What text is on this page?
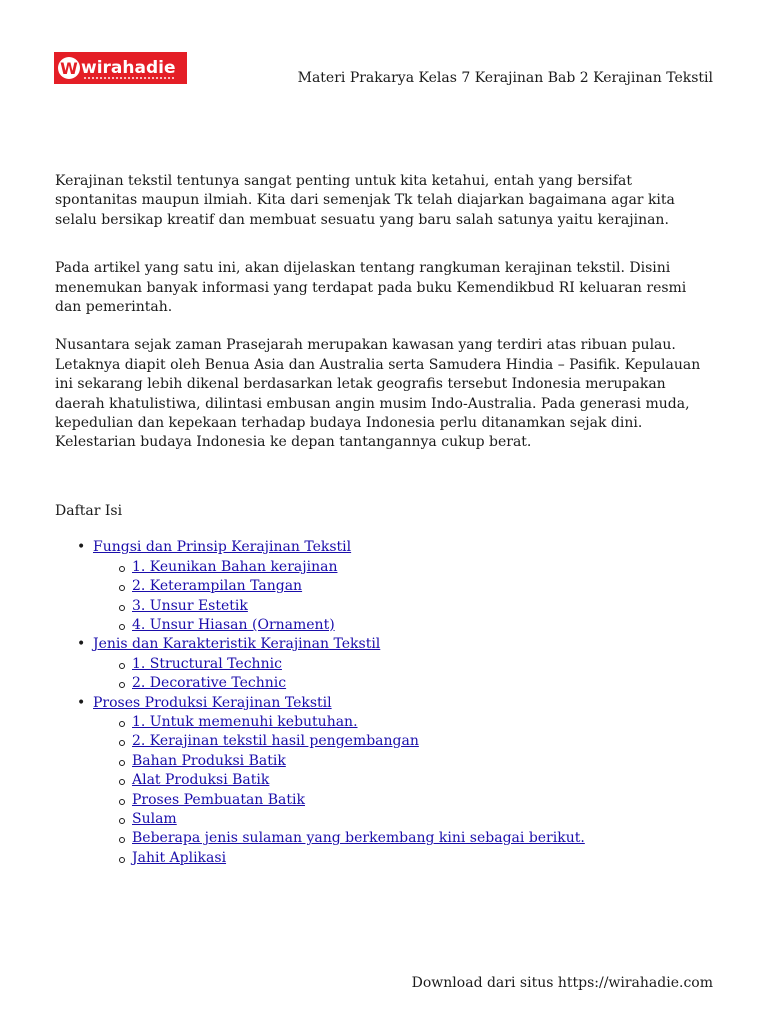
W wirahadie
Materi Prakarya Kelas 7 Kerajinan Bab 2 Kerajinan Tekstil

Kerajinan tekstil tentunya sangat penting untuk kita ketahui, entah yang bersifat spontanitas maupun ilmiah. Kita dari semenjak Tk telah diajarkan bagaimana agar kita selalu bersikap kreatif dan membuat sesuatu yang baru salah satunya yaitu kerajinan.

Pada artikel yang satu ini, akan dijelaskan tentang rangkuman kerajinan tekstil. Disini menemukan banyak informasi yang terdapat pada buku Kemendikbud RI keluaran resmi dan pemerintah.

Nusantara sejak zaman Prasejarah merupakan kawasan yang terdiri atas ribuan pulau. Letaknya diapit oleh Benua Asia dan Australia serta Samudera Hindia – Pasifik. Kepulauan ini sekarang lebih dikenal berdasarkan letak geografis tersebut Indonesia merupakan daerah khatulistiwa, dilintasi embusan angin musim Indo-Australia. Pada generasi muda, kepedulian dan kepekaan terhadap budaya Indonesia perlu ditanamkan sejak dini. Kelestarian budaya Indonesia ke depan tantangannya cukup berat.

Daftar Isi

• Fungsi dan Prinsip Kerajinan Tekstil
1. Keunikan Bahan kerajinan
2. Keterampilan Tangan
3. Unsur Estetik
4. Unsur Hiasan (Ornament)
• Jenis dan Karakteristik Kerajinan Tekstil
1. Structural Technic
2. Decorative Technic
• Proses Produksi Kerajinan Tekstil
1. Untuk memenuhi kebutuhan.
2. Kerajinan tekstil hasil pengembangan
Bahan Produksi Batik
Alat Produksi Batik
Proses Pembuatan Batik
Sulam
Beberapa jenis sulaman yang berkembang kini sebagai berikut.
Jahit Aplikasi
Download dari situs https://wirahadie.com
